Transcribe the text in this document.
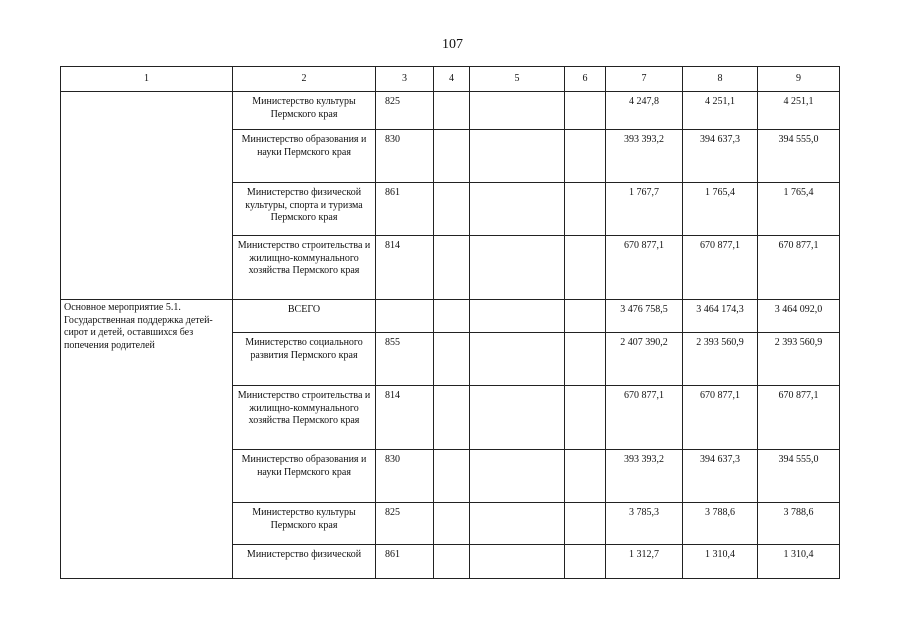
107
1	2	3	4	5	6	7	8	9
	Министерство культуры Пермского края	825				4 247,8	4 251,1	4 251,1
	Министерство образования и науки Пермского края	830				393 393,2	394 637,3	394 555,0
	Министерство физической культуры, спорта и туризма Пермского края	861				1 767,7	1 765,4	1 765,4
	Министерство строительства и жилищно-коммунального хозяйства Пермского края	814				670 877,1	670 877,1	670 877,1
Основное мероприятие 5.1. Государственная поддержка детей-сирот и детей, оставшихся без попечения родителей	ВСЕГО					3 476 758,5	3 464 174,3	3 464 092,0
	Министерство социального развития Пермского края	855				2 407 390,2	2 393 560,9	2 393 560,9
	Министерство строительства и жилищно-коммунального хозяйства Пермского края	814				670 877,1	670 877,1	670 877,1
	Министерство образования и науки Пермского края	830				393 393,2	394 637,3	394 555,0
	Министерство культуры Пермского края	825				3 785,3	3 788,6	3 788,6
	Министерство физической	861				1 312,7	1 310,4	1 310,4
